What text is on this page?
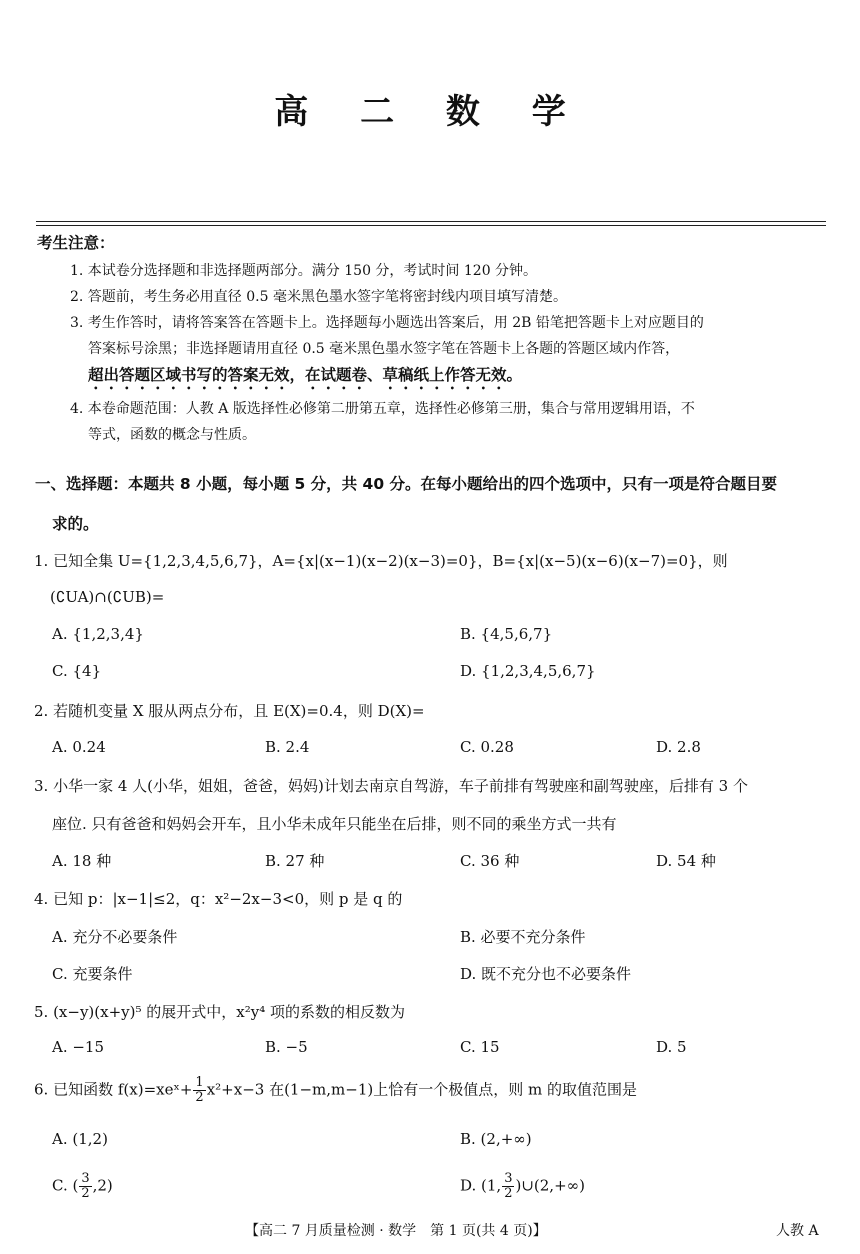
高 二 数 学
考生注意：
1. 本试卷分选择题和非选择题两部分。满分 150 分，考试时间 120 分钟。
2. 答题前，考生务必用直径 0.5 毫米黑色墨水签字笔将密封线内项目填写清楚。
3. 考生作答时，请将答案答在答题卡上。选择题每小题选出答案后，用 2B 铅笔把答题卡上对应题目的
答案标号涂黑；非选择题请用直径 0.5 毫米黑色墨水签字笔在答题卡上各题的答题区域内作答，
超出答题区域书写的答案无效，在试题卷、草稿纸上作答无效。
4. 本卷命题范围：人教 A 版选择性必修第二册第五章，选择性必修第三册，集合与常用逻辑用语，不
等式，函数的概念与性质。
一、选择题：本题共 8 小题，每小题 5 分，共 40 分。在每小题给出的四个选项中，只有一项是符合题目要
求的。
1. 已知全集 U={1,2,3,4,5,6,7}，A={x|(x−1)(x−2)(x−3)=0}，B={x|(x−5)(x−6)(x−7)=0}，则
(∁UA)∩(∁UB)=
A. {1,2,3,4}	B. {4,5,6,7}
C. {4}	D. {1,2,3,4,5,6,7}
2. 若随机变量 X 服从两点分布，且 E(X)=0.4，则 D(X)=
A. 0.24	B. 2.4	C. 0.28	D. 2.8
3. 小华一家 4 人(小华，姐姐，爸爸，妈妈)计划去南京自驾游，车子前排有驾驶座和副驾驶座，后排有 3 个
座位. 只有爸爸和妈妈会开车，且小华未成年只能坐在后排，则不同的乘坐方式一共有
A. 18 种	B. 27 种	C. 36 种	D. 54 种
4. 已知 p：|x−1|≤2，q：x²−2x−3<0，则 p 是 q 的
A. 充分不必要条件	B. 必要不充分条件
C. 充要条件	D. 既不充分也不必要条件
5. (x−y)(x+y)⁵ 的展开式中，x²y⁴ 项的系数的相反数为
A. −15	B. −5	C. 15	D. 5
6. 已知函数 f(x)=xeˣ+ $\frac{1}{2} x^2+x-3$ 在(1−m,m−1)上恰有一个极值点，则 m 的取值范围是
A. (1,2)	B. (2,+∞)
C. ( $\frac{3}{2} ,2$)	D. (1, $\frac{3}{2}$ )∪(2,+∞)
【高二 7 月质量检测 · 数学　第 1 页(共 4 页)】	人教 A
